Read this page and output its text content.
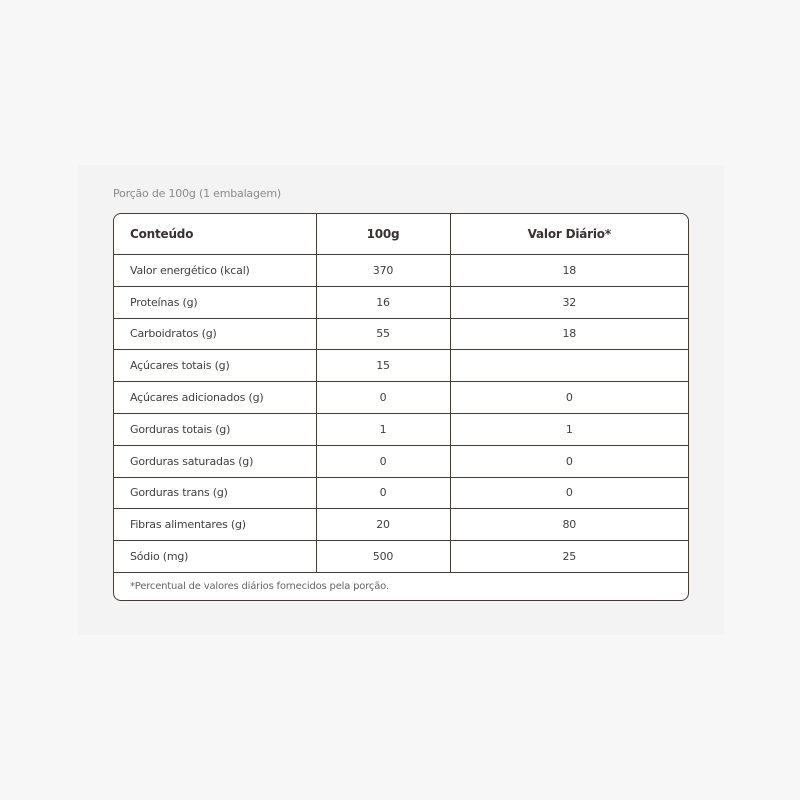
Porção de 100g (1 embalagem)
Conteúdo	100g	Valor Diário*
Valor energético (kcal)	370	18
Proteínas (g)	16	32
Carboidratos (g)	55	18
Açúcares totais (g)	15	
Açúcares adicionados (g)	0	0
Gorduras totais (g)	1	1
Gorduras saturadas (g)	0	0
Gorduras trans (g)	0	0
Fibras alimentares (g)	20	80
Sódio (mg)	500	25
*Percentual de valores diários fornecidos pela porção.
